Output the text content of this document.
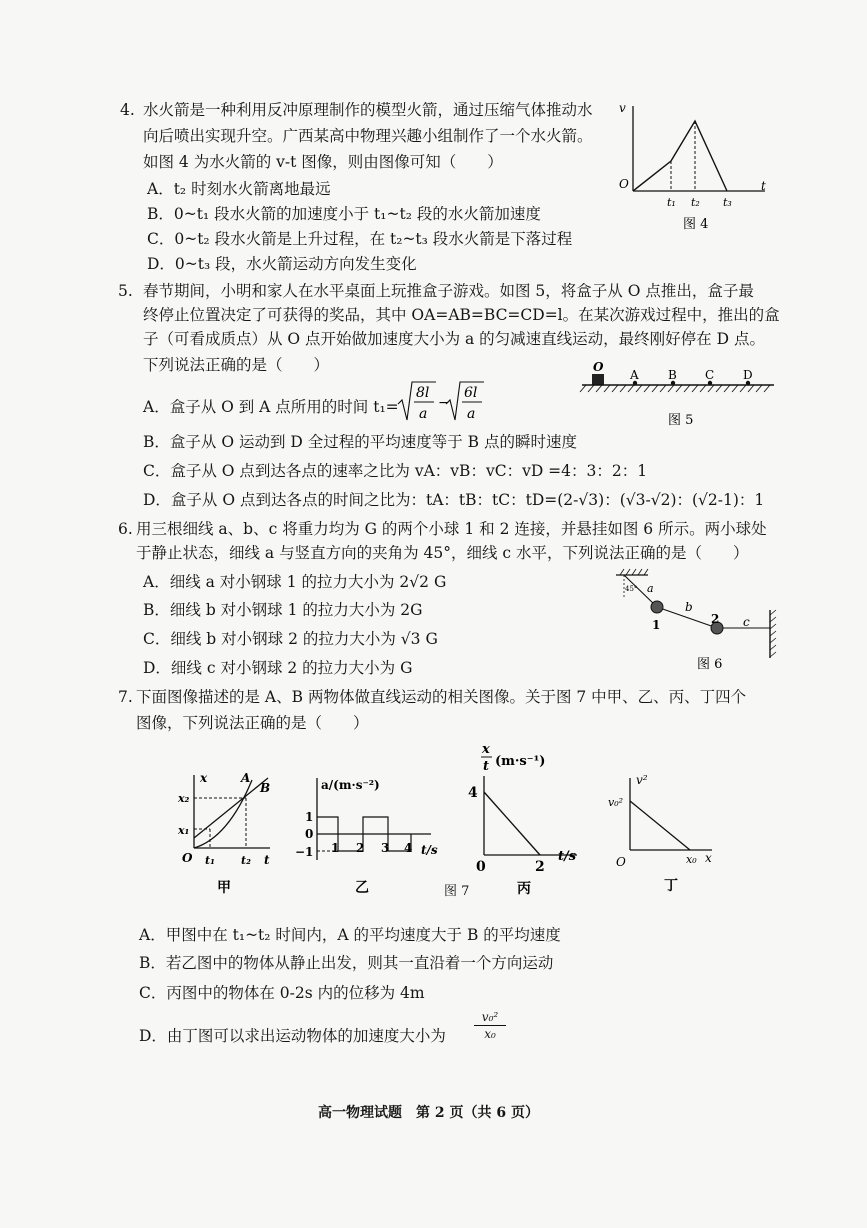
4. 水火箭是一种利用反冲原理制作的模型火箭，通过压缩气体推动水
向后喷出实现升空。广西某高中物理兴趣小组制作了一个水火箭。
如图 4 为水火箭的 v-t 图像，则由图像可知（　　）
A．t₂ 时刻水火箭离地最远
B．0~t₁ 段水火箭的加速度小于 t₁~t₂ 段的水火箭加速度
C．0~t₂ 段水火箭是上升过程，在 t₂~t₃ 段水火箭是下落过程
D．0~t₃ 段，水火箭运动方向发生变化
v
t
O
t₁ t₂ t₃
图 4
5. 春节期间，小明和家人在水平桌面上玩推盒子游戏。如图 5，将盒子从 O 点推出，盒子最
终停止位置决定了可获得的奖品，其中 OA=AB=BC=CD=l。在某次游戏过程中，推出的盒
子（可看成质点）从 O 点开始做加速度大小为 a 的匀减速直线运动，最终刚好停在 D 点。
下列说法正确的是（　　）
A．盒子从 O 到 A 点所用的时间 t₁=
8l
a
−
6l
a
B．盒子从 O 运动到 D 全过程的平均速度等于 B 点的瞬时速度
C．盒子从 O 点到达各点的速率之比为 vA：vB：vC：vD =4：3：2：1
D．盒子从 O 点到达各点的时间之比为：tA：tB：tC：tD=(2-√3)：(√3-√2)：(√2-1)：1
O
A B C D
图 5
6. 用三根细线 a、b、c 将重力均为 G 的两个小球 1 和 2 连接，并悬挂如图 6 所示。两小球处
于静止状态，细线 a 与竖直方向的夹角为 45°，细线 c 水平，下列说法正确的是（　　）
A．细线 a 对小钢球 1 的拉力大小为 2√2 G
B．细线 b 对小钢球 1 的拉力大小为 2G
C．细线 b 对小钢球 2 的拉力大小为 √3 G
D．细线 c 对小钢球 2 的拉力大小为 G
45° a
b
c
1	2
图 6
7. 下面图像描述的是 A、B 两物体做直线运动的相关图像。关于图 7 中甲、乙、丙、丁四个
图像，下列说法正确的是（　　）
x
t
O
x₁
x₂
t₁ t₂
A
B
甲
a/(m·s⁻²)
1
0
−1 1 2 3 4 t/s
乙
x
t (m·s⁻¹)
4
0	2
t/s
丙
v²
v₀²
O	x₀ x
丁
图 7
A．甲图中在 t₁~t₂ 时间内，A 的平均速度大于 B 的平均速度
B．若乙图中的物体从静止出发，则其一直沿着一个方向运动
C．丙图中的物体在 0-2s 内的位移为 4m
D．由丁图可以求出运动物体的加速度大小为 $\frac{\text{v₀²}}{\text{x₀}}$
高一物理试题　第 2 页（共 6 页）
